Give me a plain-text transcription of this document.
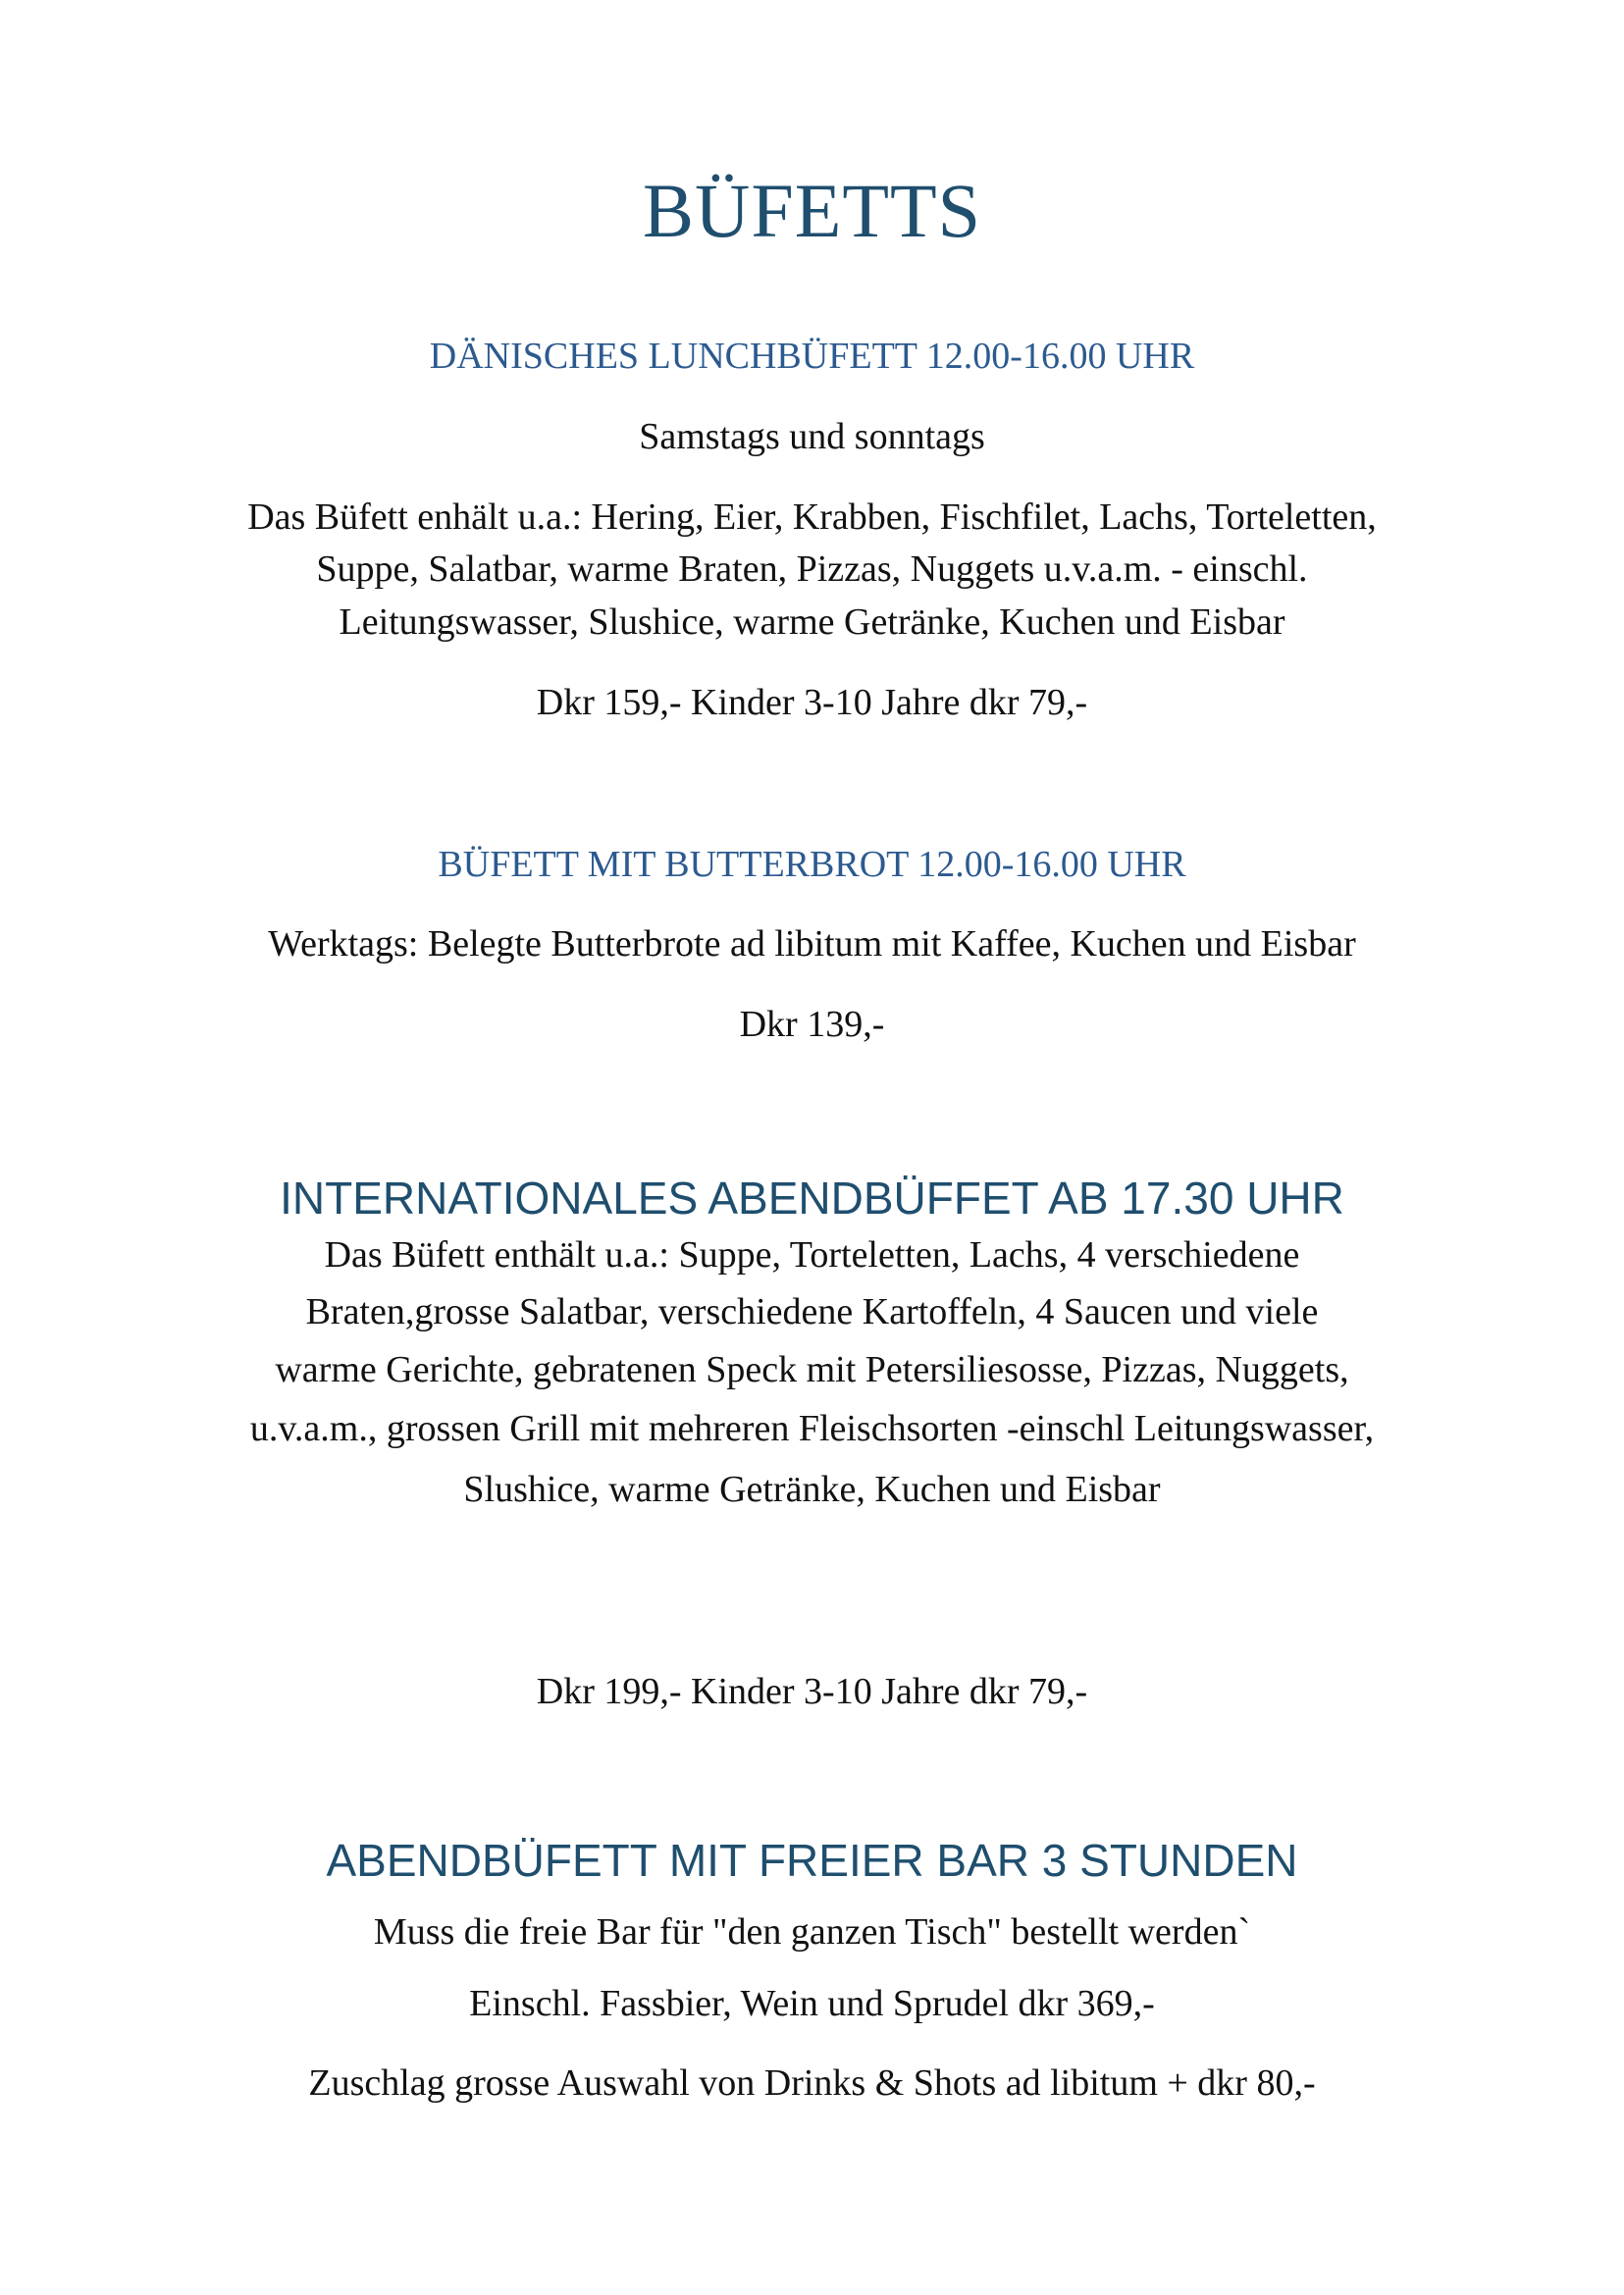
BÜFETTS
DÄNISCHES LUNCHBÜFETT 12.00-16.00 UHR
Samstags und sonntags
Das Büfett enhält u.a.: Hering, Eier, Krabben, Fischfilet, Lachs, Torteletten,
Suppe, Salatbar, warme Braten, Pizzas, Nuggets u.v.a.m. - einschl.
Leitungswasser, Slushice, warme Getränke, Kuchen und Eisbar
Dkr 159,- Kinder 3-10 Jahre dkr 79,-
BÜFETT MIT BUTTERBROT 12.00-16.00 UHR
Werktags: Belegte Butterbrote ad libitum mit Kaffee, Kuchen und Eisbar
Dkr 139,-
INTERNATIONALES ABENDBÜFFET AB 17.30 UHR
Das Büfett enthält u.a.: Suppe, Torteletten, Lachs, 4 verschiedene
Braten,grosse Salatbar, verschiedene Kartoffeln, 4 Saucen und viele
warme Gerichte, gebratenen Speck mit Petersiliesosse, Pizzas, Nuggets,
u.v.a.m., grossen Grill mit mehreren Fleischsorten -einschl Leitungswasser,
Slushice, warme Getränke, Kuchen und Eisbar
Dkr 199,- Kinder 3-10 Jahre dkr 79,-
ABENDBÜFETT MIT FREIER BAR 3 STUNDEN
Muss die freie Bar für "den ganzen Tisch" bestellt werden`
Einschl. Fassbier, Wein und Sprudel dkr 369,-
Zuschlag grosse Auswahl von Drinks & Shots ad libitum + dkr 80,-
